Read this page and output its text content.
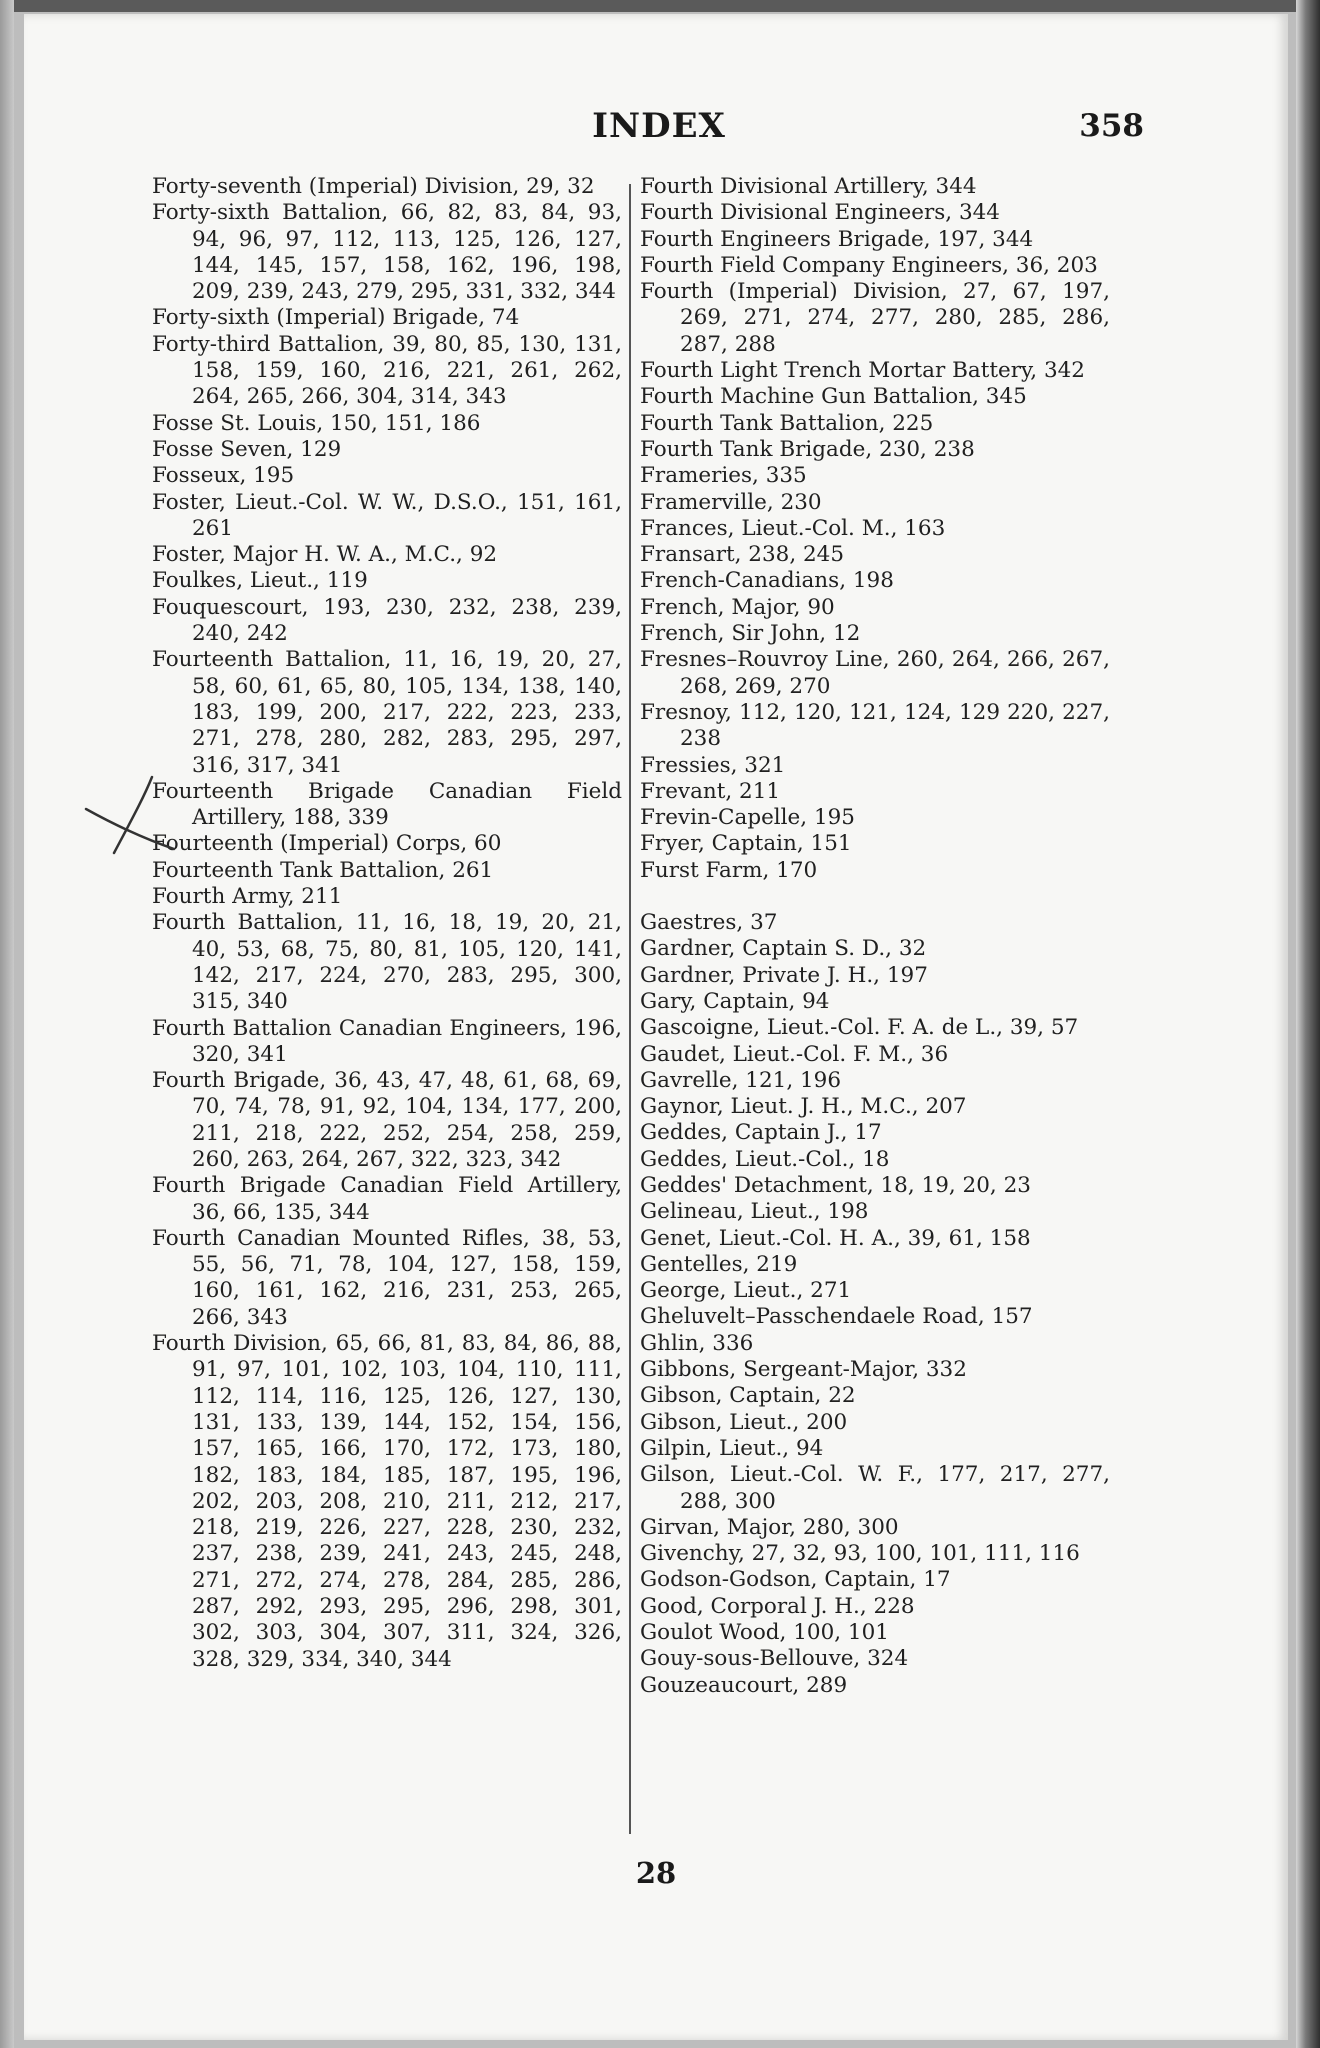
INDEX	358
Forty-seventh (Imperial) Division, 29, 32
Forty-sixth Battalion, 66, 82, 83, 84, 93, 94, 96, 97, 112, 113, 125, 126, 127, 144, 145, 157, 158, 162, 196, 198, 209, 239, 243, 279, 295, 331, 332, 344
Forty-sixth (Imperial) Brigade, 74
Forty-third Battalion, 39, 80, 85, 130, 131, 158, 159, 160, 216, 221, 261, 262, 264, 265, 266, 304, 314, 343
Fosse St. Louis, 150, 151, 186
Fosse Seven, 129
Fosseux, 195
Foster, Lieut.-Col. W. W., D.S.O., 151, 161, 261
Foster, Major H. W. A., M.C., 92
Foulkes, Lieut., 119
Fouquescourt, 193, 230, 232, 238, 239, 240, 242
Fourteenth Battalion, 11, 16, 19, 20, 27, 58, 60, 61, 65, 80, 105, 134, 138, 140, 183, 199, 200, 217, 222, 223, 233, 271, 278, 280, 282, 283, 295, 297, 316, 317, 341
Fourteenth Brigade Canadian Field Artillery, 188, 339
Fourteenth (Imperial) Corps, 60
Fourteenth Tank Battalion, 261
Fourth Army, 211
Fourth Battalion, 11, 16, 18, 19, 20, 21, 40, 53, 68, 75, 80, 81, 105, 120, 141, 142, 217, 224, 270, 283, 295, 300, 315, 340
Fourth Battalion Canadian Engineers, 196, 320, 341
Fourth Brigade, 36, 43, 47, 48, 61, 68, 69, 70, 74, 78, 91, 92, 104, 134, 177, 200, 211, 218, 222, 252, 254, 258, 259, 260, 263, 264, 267, 322, 323, 342
Fourth Brigade Canadian Field Artillery, 36, 66, 135, 344
Fourth Canadian Mounted Rifles, 38, 53, 55, 56, 71, 78, 104, 127, 158, 159, 160, 161, 162, 216, 231, 253, 265, 266, 343
Fourth Division, 65, 66, 81, 83, 84, 86, 88, 91, 97, 101, 102, 103, 104, 110, 111, 112, 114, 116, 125, 126, 127, 130, 131, 133, 139, 144, 152, 154, 156, 157, 165, 166, 170, 172, 173, 180, 182, 183, 184, 185, 187, 195, 196, 202, 203, 208, 210, 211, 212, 217, 218, 219, 226, 227, 228, 230, 232, 237, 238, 239, 241, 243, 245, 248, 271, 272, 274, 278, 284, 285, 286, 287, 292, 293, 295, 296, 298, 301, 302, 303, 304, 307, 311, 324, 326, 328, 329, 334, 340, 344
Fourth Divisional Artillery, 344
Fourth Divisional Engineers, 344
Fourth Engineers Brigade, 197, 344
Fourth Field Company Engineers, 36, 203
Fourth (Imperial) Division, 27, 67, 197, 269, 271, 274, 277, 280, 285, 286, 287, 288
Fourth Light Trench Mortar Battery, 342
Fourth Machine Gun Battalion, 345
Fourth Tank Battalion, 225
Fourth Tank Brigade, 230, 238
Frameries, 335
Framerville, 230
Frances, Lieut.-Col. M., 163
Fransart, 238, 245
French-Canadians, 198
French, Major, 90
French, Sir John, 12
Fresnes–Rouvroy Line, 260, 264, 266, 267, 268, 269, 270
Fresnoy, 112, 120, 121, 124, 129 220, 227, 238
Fressies, 321
Frevant, 211
Frevin-Capelle, 195
Fryer, Captain, 151
Furst Farm, 170
Gaestres, 37
Gardner, Captain S. D., 32
Gardner, Private J. H., 197
Gary, Captain, 94
Gascoigne, Lieut.-Col. F. A. de L., 39, 57
Gaudet, Lieut.-Col. F. M., 36
Gavrelle, 121, 196
Gaynor, Lieut. J. H., M.C., 207
Geddes, Captain J., 17
Geddes, Lieut.-Col., 18
Geddes' Detachment, 18, 19, 20, 23
Gelineau, Lieut., 198
Genet, Lieut.-Col. H. A., 39, 61, 158
Gentelles, 219
George, Lieut., 271
Gheluvelt–Passchendaele Road, 157
Ghlin, 336
Gibbons, Sergeant-Major, 332
Gibson, Captain, 22
Gibson, Lieut., 200
Gilpin, Lieut., 94
Gilson, Lieut.-Col. W. F., 177, 217, 277, 288, 300
Girvan, Major, 280, 300
Givenchy, 27, 32, 93, 100, 101, 111, 116
Godson-Godson, Captain, 17
Good, Corporal J. H., 228
Goulot Wood, 100, 101
Gouy-sous-Bellouve, 324
Gouzeaucourt, 289
28
